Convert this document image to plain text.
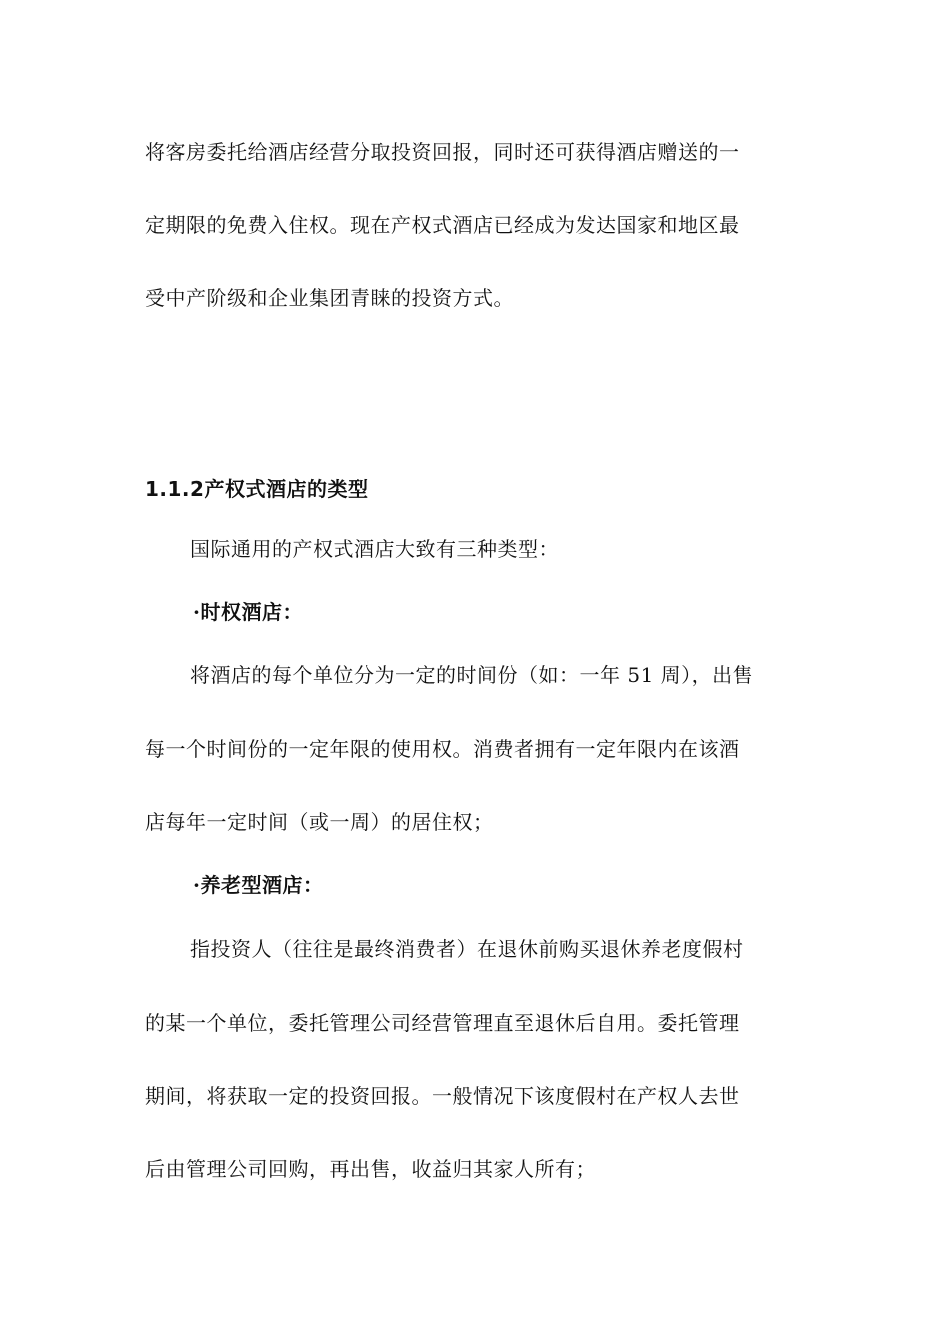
将客房委托给酒店经营分取投资回报，同时还可获得酒店赠送的一
定期限的免费入住权。现在产权式酒店已经成为发达国家和地区最
受中产阶级和企业集团青睐的投资方式。
1.1.2产权式酒店的类型
国际通用的产权式酒店大致有三种类型：
·时权酒店：
将酒店的每个单位分为一定的时间份（如：一年 51 周），出售
每一个时间份的一定年限的使用权。消费者拥有一定年限内在该酒
店每年一定时间（或一周）的居住权；
·养老型酒店：
指投资人（往往是最终消费者）在退休前购买退休养老度假村
的某一个单位，委托管理公司经营管理直至退休后自用。委托管理
期间，将获取一定的投资回报。一般情况下该度假村在产权人去世
后由管理公司回购，再出售，收益归其家人所有；
